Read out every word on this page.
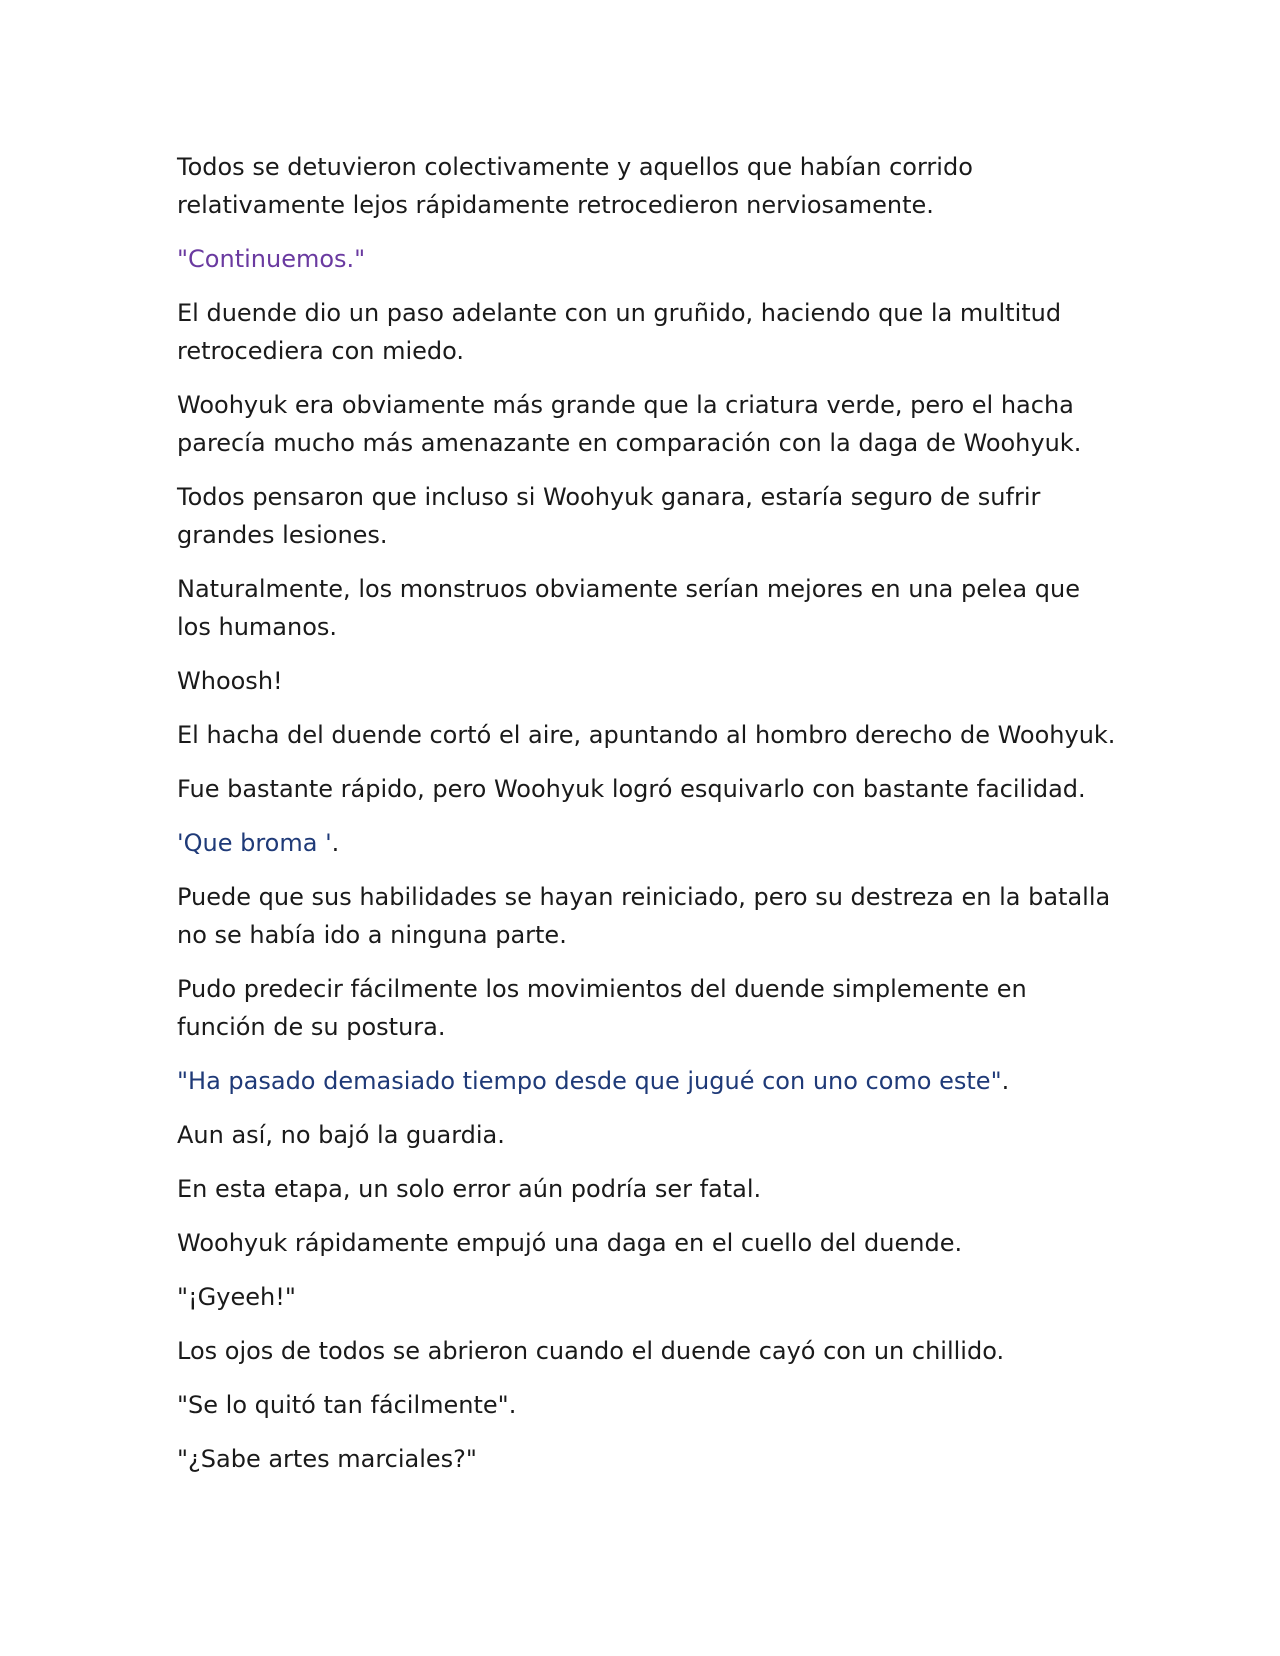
Todos se detuvieron colectivamente y aquellos que habían corrido relativamente lejos rápidamente retrocedieron nerviosamente.

"Continuemos."

El duende dio un paso adelante con un gruñido, haciendo que la multitud retrocediera con miedo.

Woohyuk era obviamente más grande que la criatura verde, pero el hacha parecía mucho más amenazante en comparación con la daga de Woohyuk.

Todos pensaron que incluso si Woohyuk ganara, estaría seguro de sufrir grandes lesiones.

Naturalmente, los monstruos obviamente serían mejores en una pelea que los humanos.

Whoosh!

El hacha del duende cortó el aire, apuntando al hombro derecho de Woohyuk.

Fue bastante rápido, pero Woohyuk logró esquivarlo con bastante facilidad.

'Que broma '.

Puede que sus habilidades se hayan reiniciado, pero su destreza en la batalla no se había ido a ninguna parte.

Pudo predecir fácilmente los movimientos del duende simplemente en función de su postura.

"Ha pasado demasiado tiempo desde que jugué con uno como este".

Aun así, no bajó la guardia.

En esta etapa, un solo error aún podría ser fatal.

Woohyuk rápidamente empujó una daga en el cuello del duende.

"¡Gyeeh!"

Los ojos de todos se abrieron cuando el duende cayó con un chillido.

"Se lo quitó tan fácilmente".

"¿Sabe artes marciales?"
